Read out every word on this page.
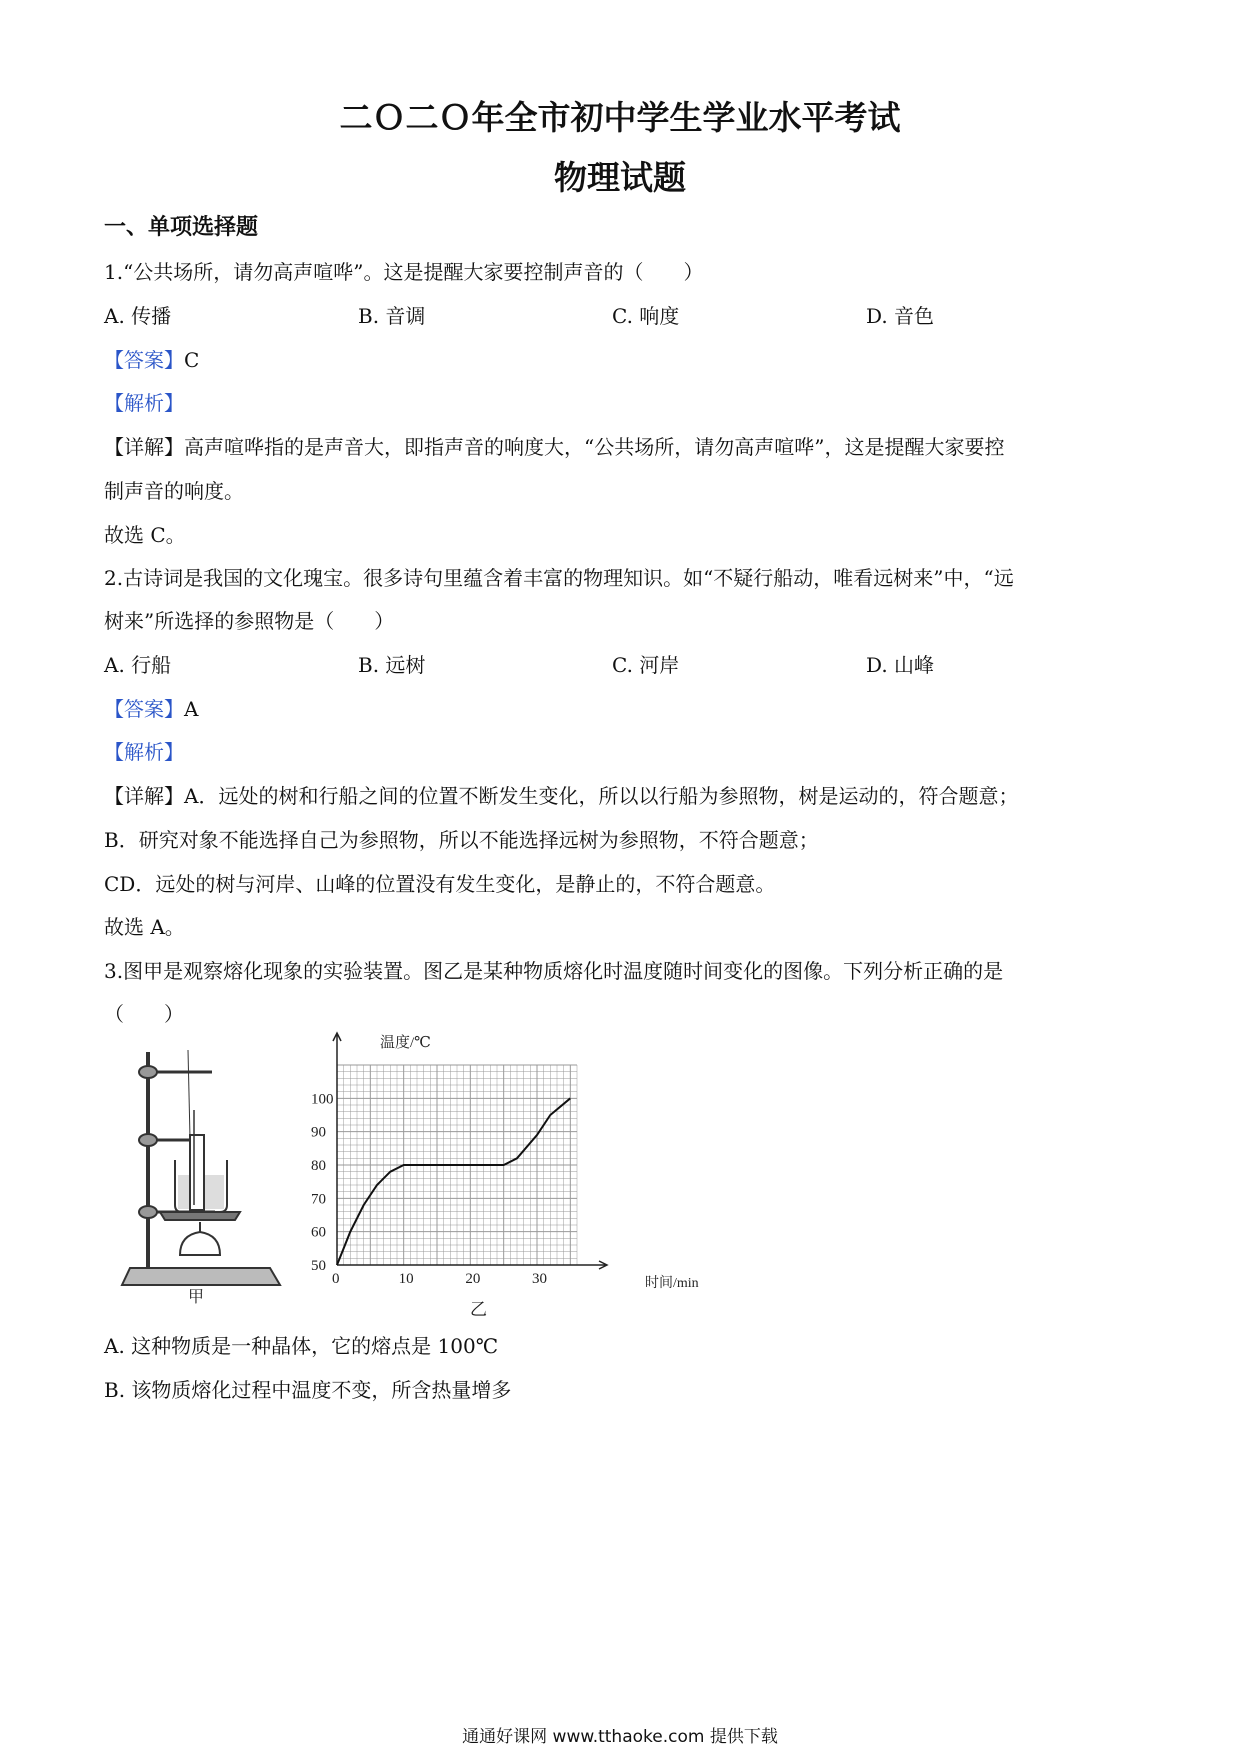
二Ｏ二Ｏ年全市初中学生学业水平考试
物理试题
一、单项选择题
1.“公共场所，请勿高声喧哗”。这是提醒大家要控制声音的（　　）
A. 传播	B. 音调	C. 响度	D. 音色
【答案】C
【解析】
【详解】高声喧哗指的是声音大，即指声音的响度大，“公共场所，请勿高声喧哗”，这是提醒大家要控
制声音的响度。
故选 C。
2.古诗词是我国的文化瑰宝。很多诗句里蕴含着丰富的物理知识。如“不疑行船动，唯看远树来”中，“远
树来”所选择的参照物是（　　）
A. 行船	B. 远树	C. 河岸	D. 山峰
【答案】A
【解析】
【详解】A．远处的树和行船之间的位置不断发生变化，所以以行船为参照物，树是运动的，符合题意；
B．研究对象不能选择自己为参照物，所以不能选择远树为参照物，不符合题意；
CD．远处的树与河岸、山峰的位置没有发生变化，是静止的，不符合题意。
故选 A。
3.图甲是观察熔化现象的实验装置。图乙是某种物质熔化时温度随时间变化的图像。下列分析正确的是
（　　）
甲
0	10	20	30
50
60
70
80
90
100
温度/℃
时间/min
乙
A. 这种物质是一种晶体，它的熔点是 100℃
B. 该物质熔化过程中温度不变，所含热量增多
通通好课网 www.tthaoke.com 提供下载
